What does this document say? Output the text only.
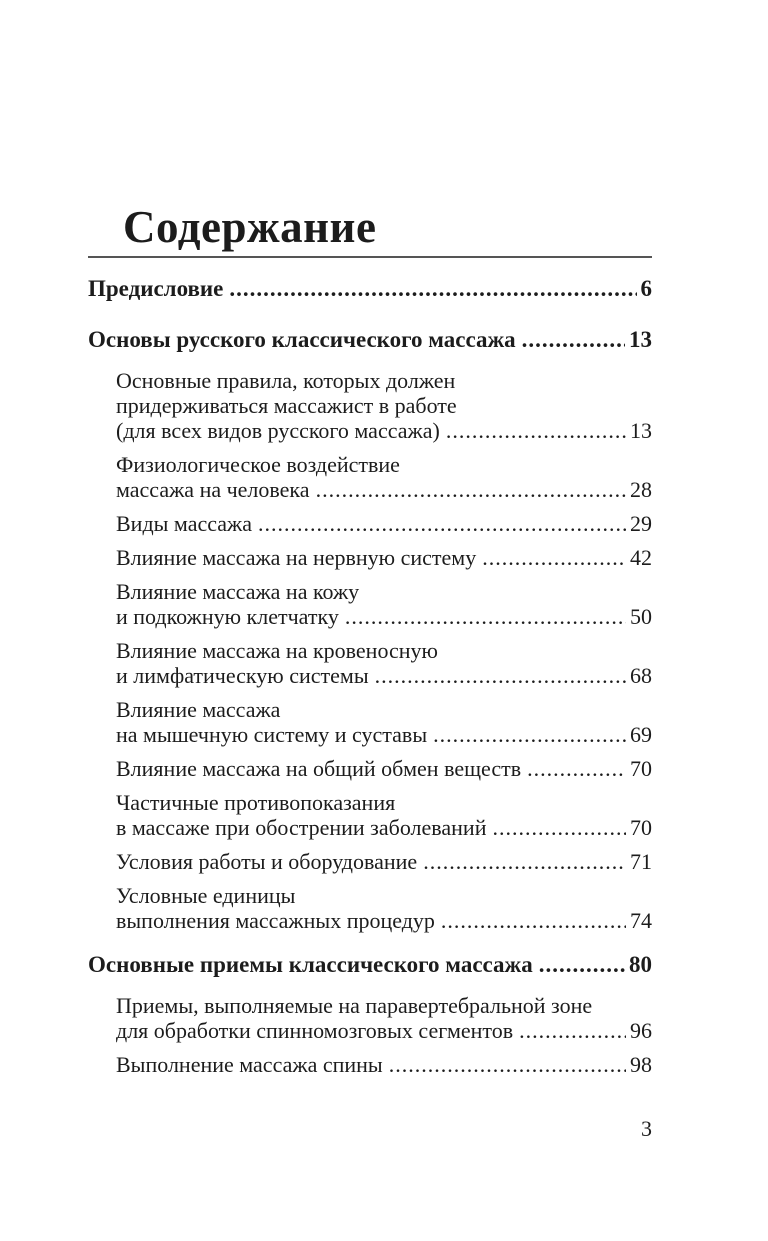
Содержание
Предисловие .....	6
Основы русского классического массажа .....	13
Основные правила, которых должен
придерживаться массажист в работе
(для всех видов русского массажа) .....	13
Физиологическое воздействие
массажа на человека .....	28
Виды массажа .....	29
Влияние массажа на нервную систему .....	42
Влияние массажа на кожу
и подкожную клетчатку .....	50
Влияние массажа на кровеносную
и лимфатическую системы .....	68
Влияние массажа
на мышечную систему и суставы .....	69
Влияние массажа на общий обмен веществ .....	70
Частичные противопоказания
в массаже при обострении заболеваний .....	70
Условия работы и оборудование .....	71
Условные единицы
выполнения массажных процедур .....	74
Основные приемы классического массажа .....	80
Приемы, выполняемые на паравертебральной зоне
для обработки спинномозговых сегментов .....	96
Выполнение массажа спины .....	98
3
